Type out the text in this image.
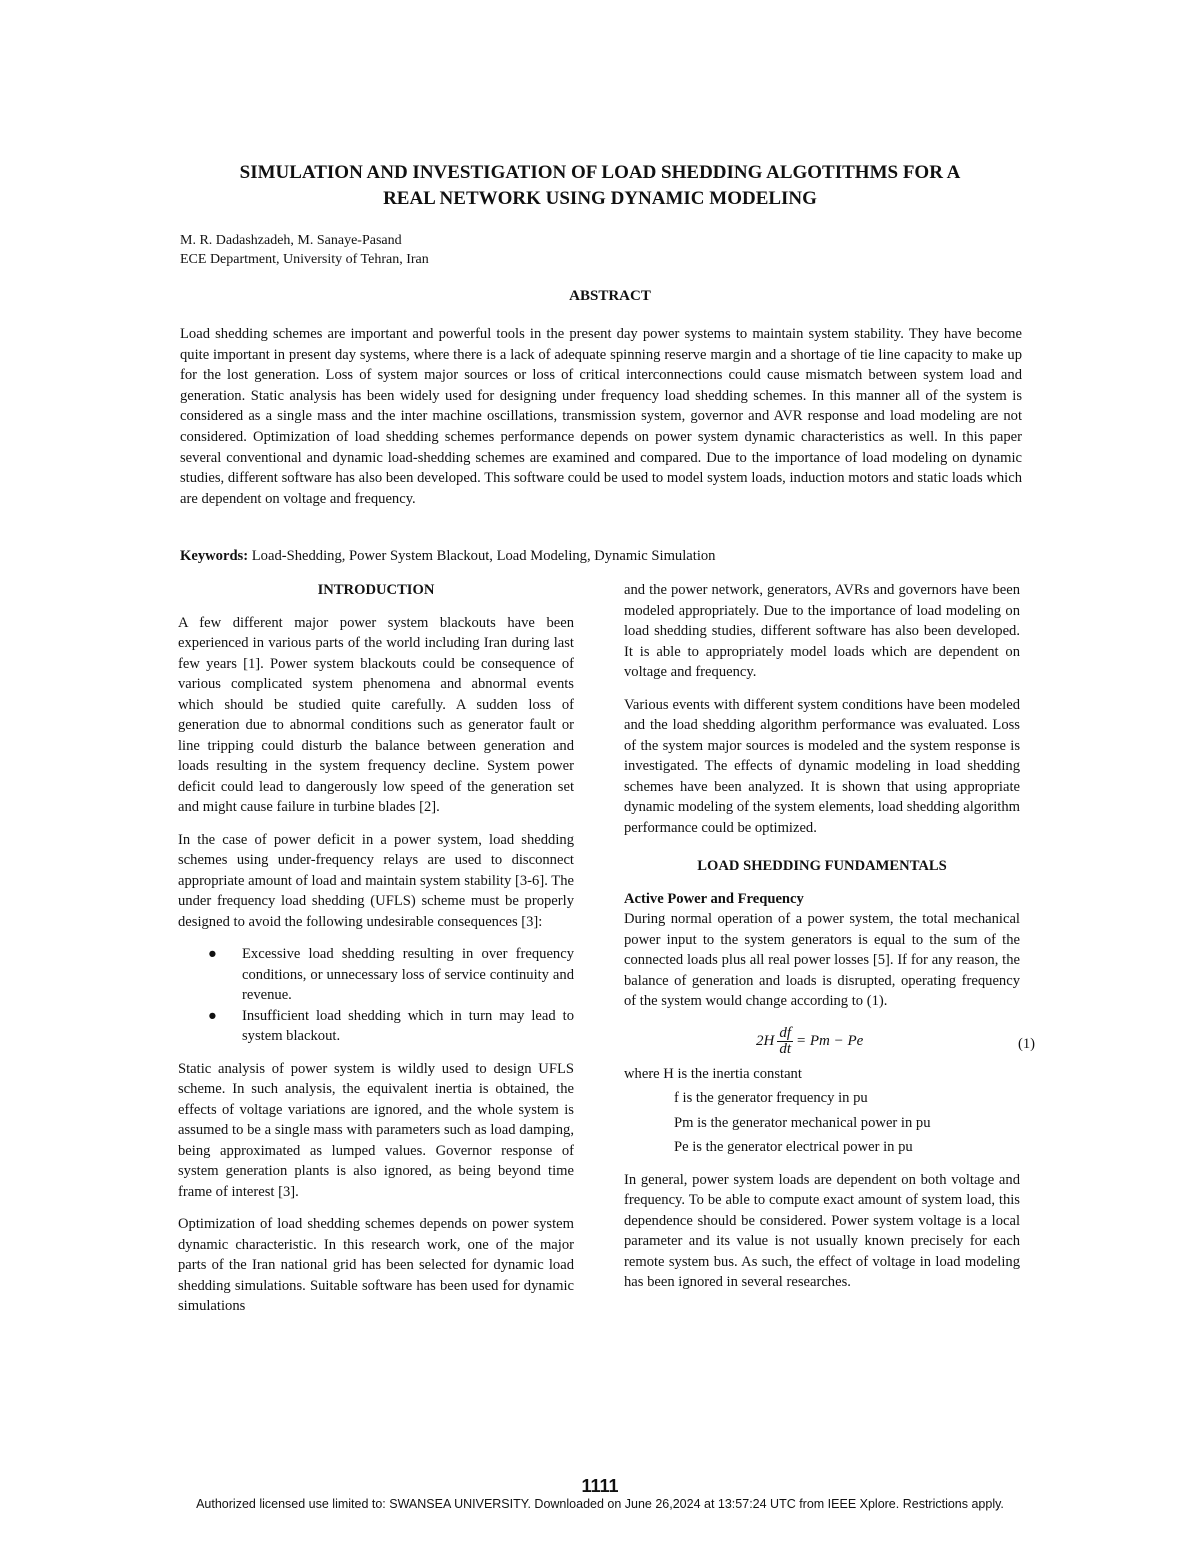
SIMULATION AND INVESTIGATION OF LOAD SHEDDING ALGOTITHMS FOR A
REAL NETWORK USING DYNAMIC MODELING
M. R. Dadashzadeh, M. Sanaye-Pasand
ECE Department, University of Tehran, Iran
ABSTRACT

Load shedding schemes are important and powerful tools in the present day power systems to maintain system stability. They have become quite important in present day systems, where there is a lack of adequate spinning reserve margin and a shortage of tie line capacity to make up for the lost generation. Loss of system major sources or loss of critical interconnections could cause mismatch between system load and generation. Static analysis has been widely used for designing under frequency load shedding schemes. In this manner all of the system is considered as a single mass and the inter machine oscillations, transmission system, governor and AVR response and load modeling are not considered. Optimization of load shedding schemes performance depends on power system dynamic characteristics as well. In this paper several conventional and dynamic load-shedding schemes are examined and compared. Due to the importance of load modeling on dynamic studies, different software has also been developed. This software could be used to model system loads, induction motors and static loads which are dependent on voltage and frequency.

Keywords: Load-Shedding, Power System Blackout, Load Modeling, Dynamic Simulation

INTRODUCTION

A few different major power system blackouts have been experienced in various parts of the world including Iran during last few years [1]. Power system blackouts could be consequence of various complicated system phenomena and abnormal events which should be studied quite carefully. A sudden loss of generation due to abnormal conditions such as generator fault or line tripping could disturb the balance between generation and loads resulting in the system frequency decline. System power deficit could lead to dangerously low speed of the generation set and might cause failure in turbine blades [2].

In the case of power deficit in a power system, load shedding schemes using under-frequency relays are used to disconnect appropriate amount of load and maintain system stability [3-6]. The under frequency load shedding (UFLS) scheme must be properly designed to avoid the following undesirable consequences [3]:

● Excessive load shedding resulting in over frequency conditions, or unnecessary loss of service continuity and revenue.
● Insufficient load shedding which in turn may lead to system blackout.

Static analysis of power system is wildly used to design UFLS scheme. In such analysis, the equivalent inertia is obtained, the effects of voltage variations are ignored, and the whole system is assumed to be a single mass with parameters such as load damping, being approximated as lumped values. Governor response of system generation plants is also ignored, as being beyond time frame of interest [3].

Optimization of load shedding schemes depends on power system dynamic characteristic. In this research work, one of the major parts of the Iran national grid has been selected for dynamic load shedding simulations. Suitable software has been used for dynamic simulations

and the power network, generators, AVRs and governors have been modeled appropriately. Due to the importance of load modeling on load shedding studies, different software has also been developed. It is able to appropriately model loads which are dependent on voltage and frequency.

Various events with different system conditions have been modeled and the load shedding algorithm performance was evaluated. Loss of the system major sources is modeled and the system response is investigated. The effects of dynamic modeling in load shedding schemes have been analyzed. It is shown that using appropriate dynamic modeling of the system elements, load shedding algorithm performance could be optimized.

LOAD SHEDDING FUNDAMENTALS
Active Power and Frequency

During normal operation of a power system, the total mechanical power input to the system generators is equal to the sum of the connected loads plus all real power losses [5]. If for any reason, the balance of generation and loads is disrupted, operating frequency of the system would change according to (1).

$2H \frac{df}{dt} = Pm - Pe$	(1)
where H is the inertia constant
f is the generator frequency in pu
Pm is the generator mechanical power in pu
Pe is the generator electrical power in pu

In general, power system loads are dependent on both voltage and frequency. To be able to compute exact amount of system load, this dependence should be considered. Power system voltage is a local parameter and its value is not usually known precisely for each remote system bus. As such, the effect of voltage in load modeling has been ignored in several researches.

1111
Authorized licensed use limited to: SWANSEA UNIVERSITY. Downloaded on June 26,2024 at 13:57:24 UTC from IEEE Xplore. Restrictions apply.
